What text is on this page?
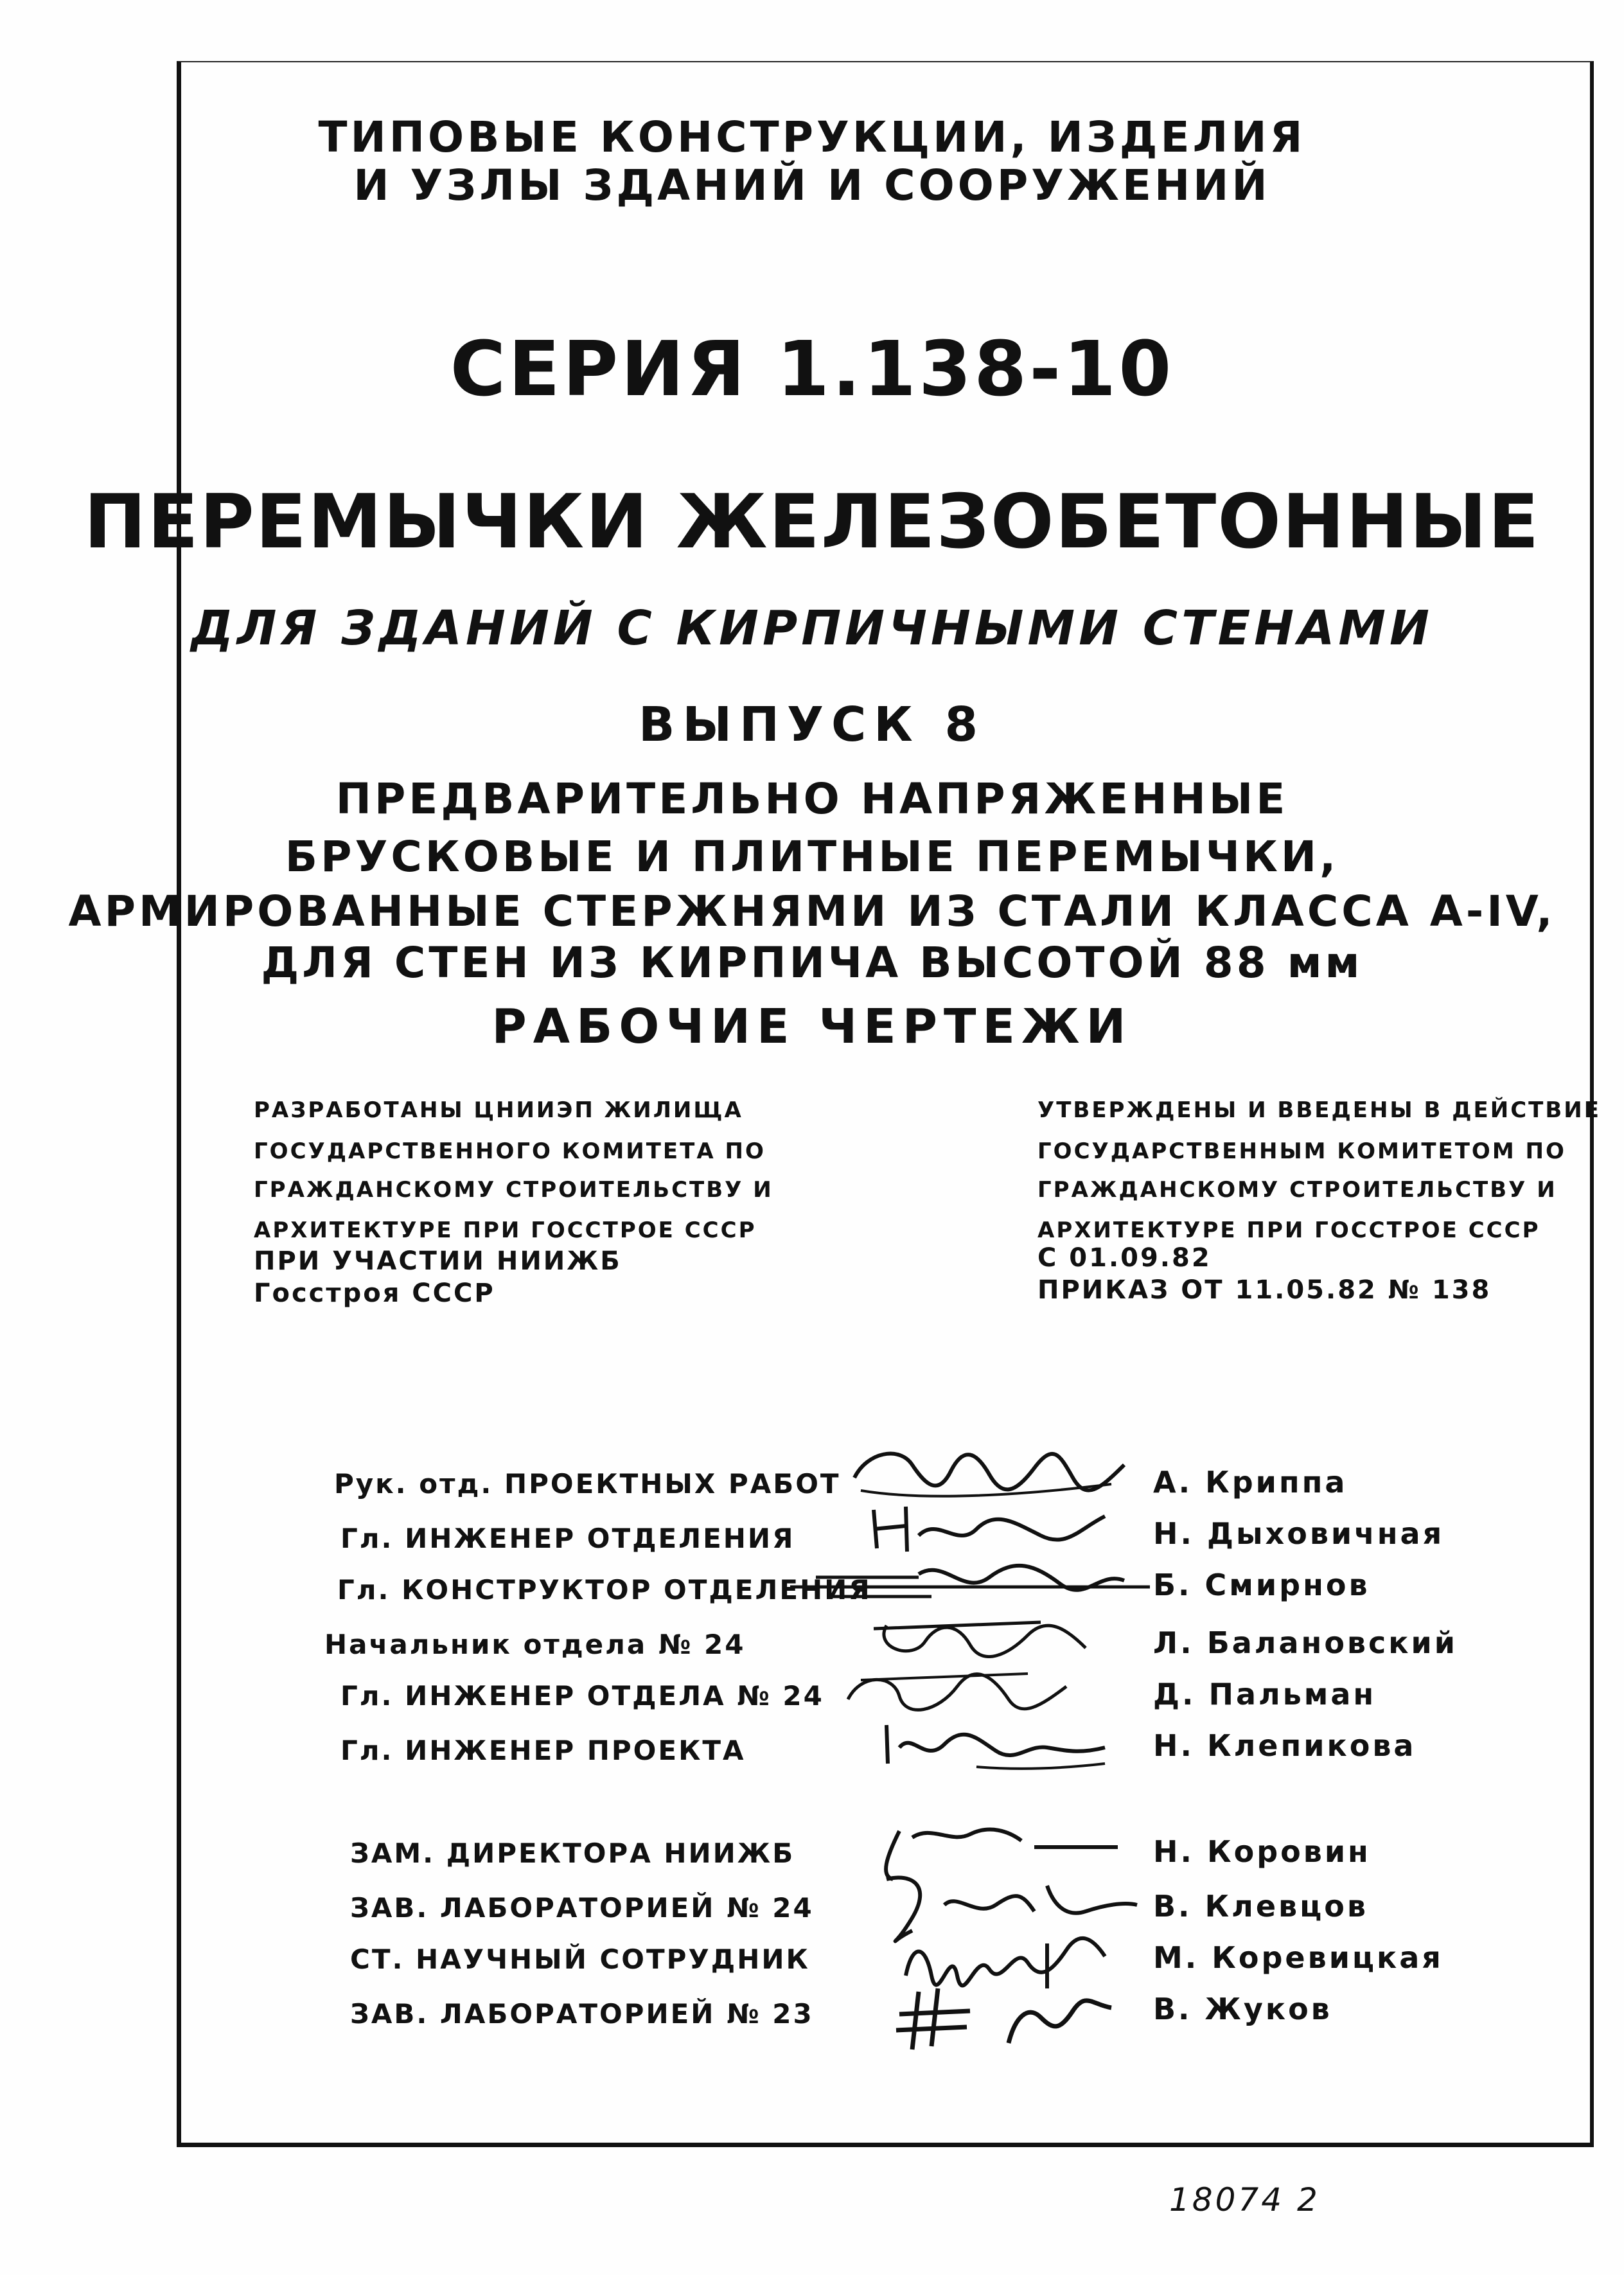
ТИПОВЫЕ КОНСТРУКЦИИ, ИЗДЕЛИЯ
И УЗЛЫ ЗДАНИЙ И СООРУЖЕНИЙ
СЕРИЯ 1.138-10
ПЕРЕМЫЧКИ ЖЕЛЕЗОБЕТОННЫЕ
ДЛЯ ЗДАНИЙ С КИРПИЧНЫМИ СТЕНАМИ
ВЫПУСК 8
ПРЕДВАРИТЕЛЬНО НАПРЯЖЕННЫЕ
БРУСКОВЫЕ И ПЛИТНЫЕ ПЕРЕМЫЧКИ,
АРМИРОВАННЫЕ СТЕРЖНЯМИ ИЗ СТАЛИ КЛАССА A-IV,
ДЛЯ СТЕН ИЗ КИРПИЧА ВЫСОТОЙ 88 мм
РАБОЧИЕ ЧЕРТЕЖИ
РАЗРАБОТАНЫ ЦНИИЭП ЖИЛИЩА
ГОСУДАРСТВЕННОГО КОМИТЕТА ПО
ГРАЖДАНСКОМУ СТРОИТЕЛЬСТВУ И
АРХИТЕКТУРЕ ПРИ ГОССТРОЕ СССР
ПРИ УЧАСТИИ НИИЖБ
Госстроя СССР
УТВЕРЖДЕНЫ И ВВЕДЕНЫ В ДЕЙСТВИЕ
ГОСУДАРСТВЕННЫМ КОМИТЕТОМ ПО
ГРАЖДАНСКОМУ СТРОИТЕЛЬСТВУ И
АРХИТЕКТУРЕ ПРИ ГОССТРОЕ СССР
С 01.09.82
ПРИКАЗ ОТ 11.05.82 № 138
Рук. отд. ПРОЕКТНЫХ РАБОТ	А. Криппа
Гл. ИНЖЕНЕР ОТДЕЛЕНИЯ	Н. Дыховичная
Гл. КОНСТРУКТОР ОТДЕЛЕНИЯ	Б. Смирнов
Начальник отдела № 24	Л. Балановский
Гл. ИНЖЕНЕР ОТДЕЛА № 24	Д. Пальман
Гл. ИНЖЕНЕР ПРОЕКТА	Н. Клепикова
ЗАМ. ДИРЕКТОРА НИИЖБ	Н. Коровин
ЗАВ. ЛАБОРАТОРИЕЙ № 24	В. Клевцов
СТ. НАУЧНЫЙ СОТРУДНИК	М. Коревицкая
ЗАВ. ЛАБОРАТОРИЕЙ № 23	В. Жуков
18074 2
